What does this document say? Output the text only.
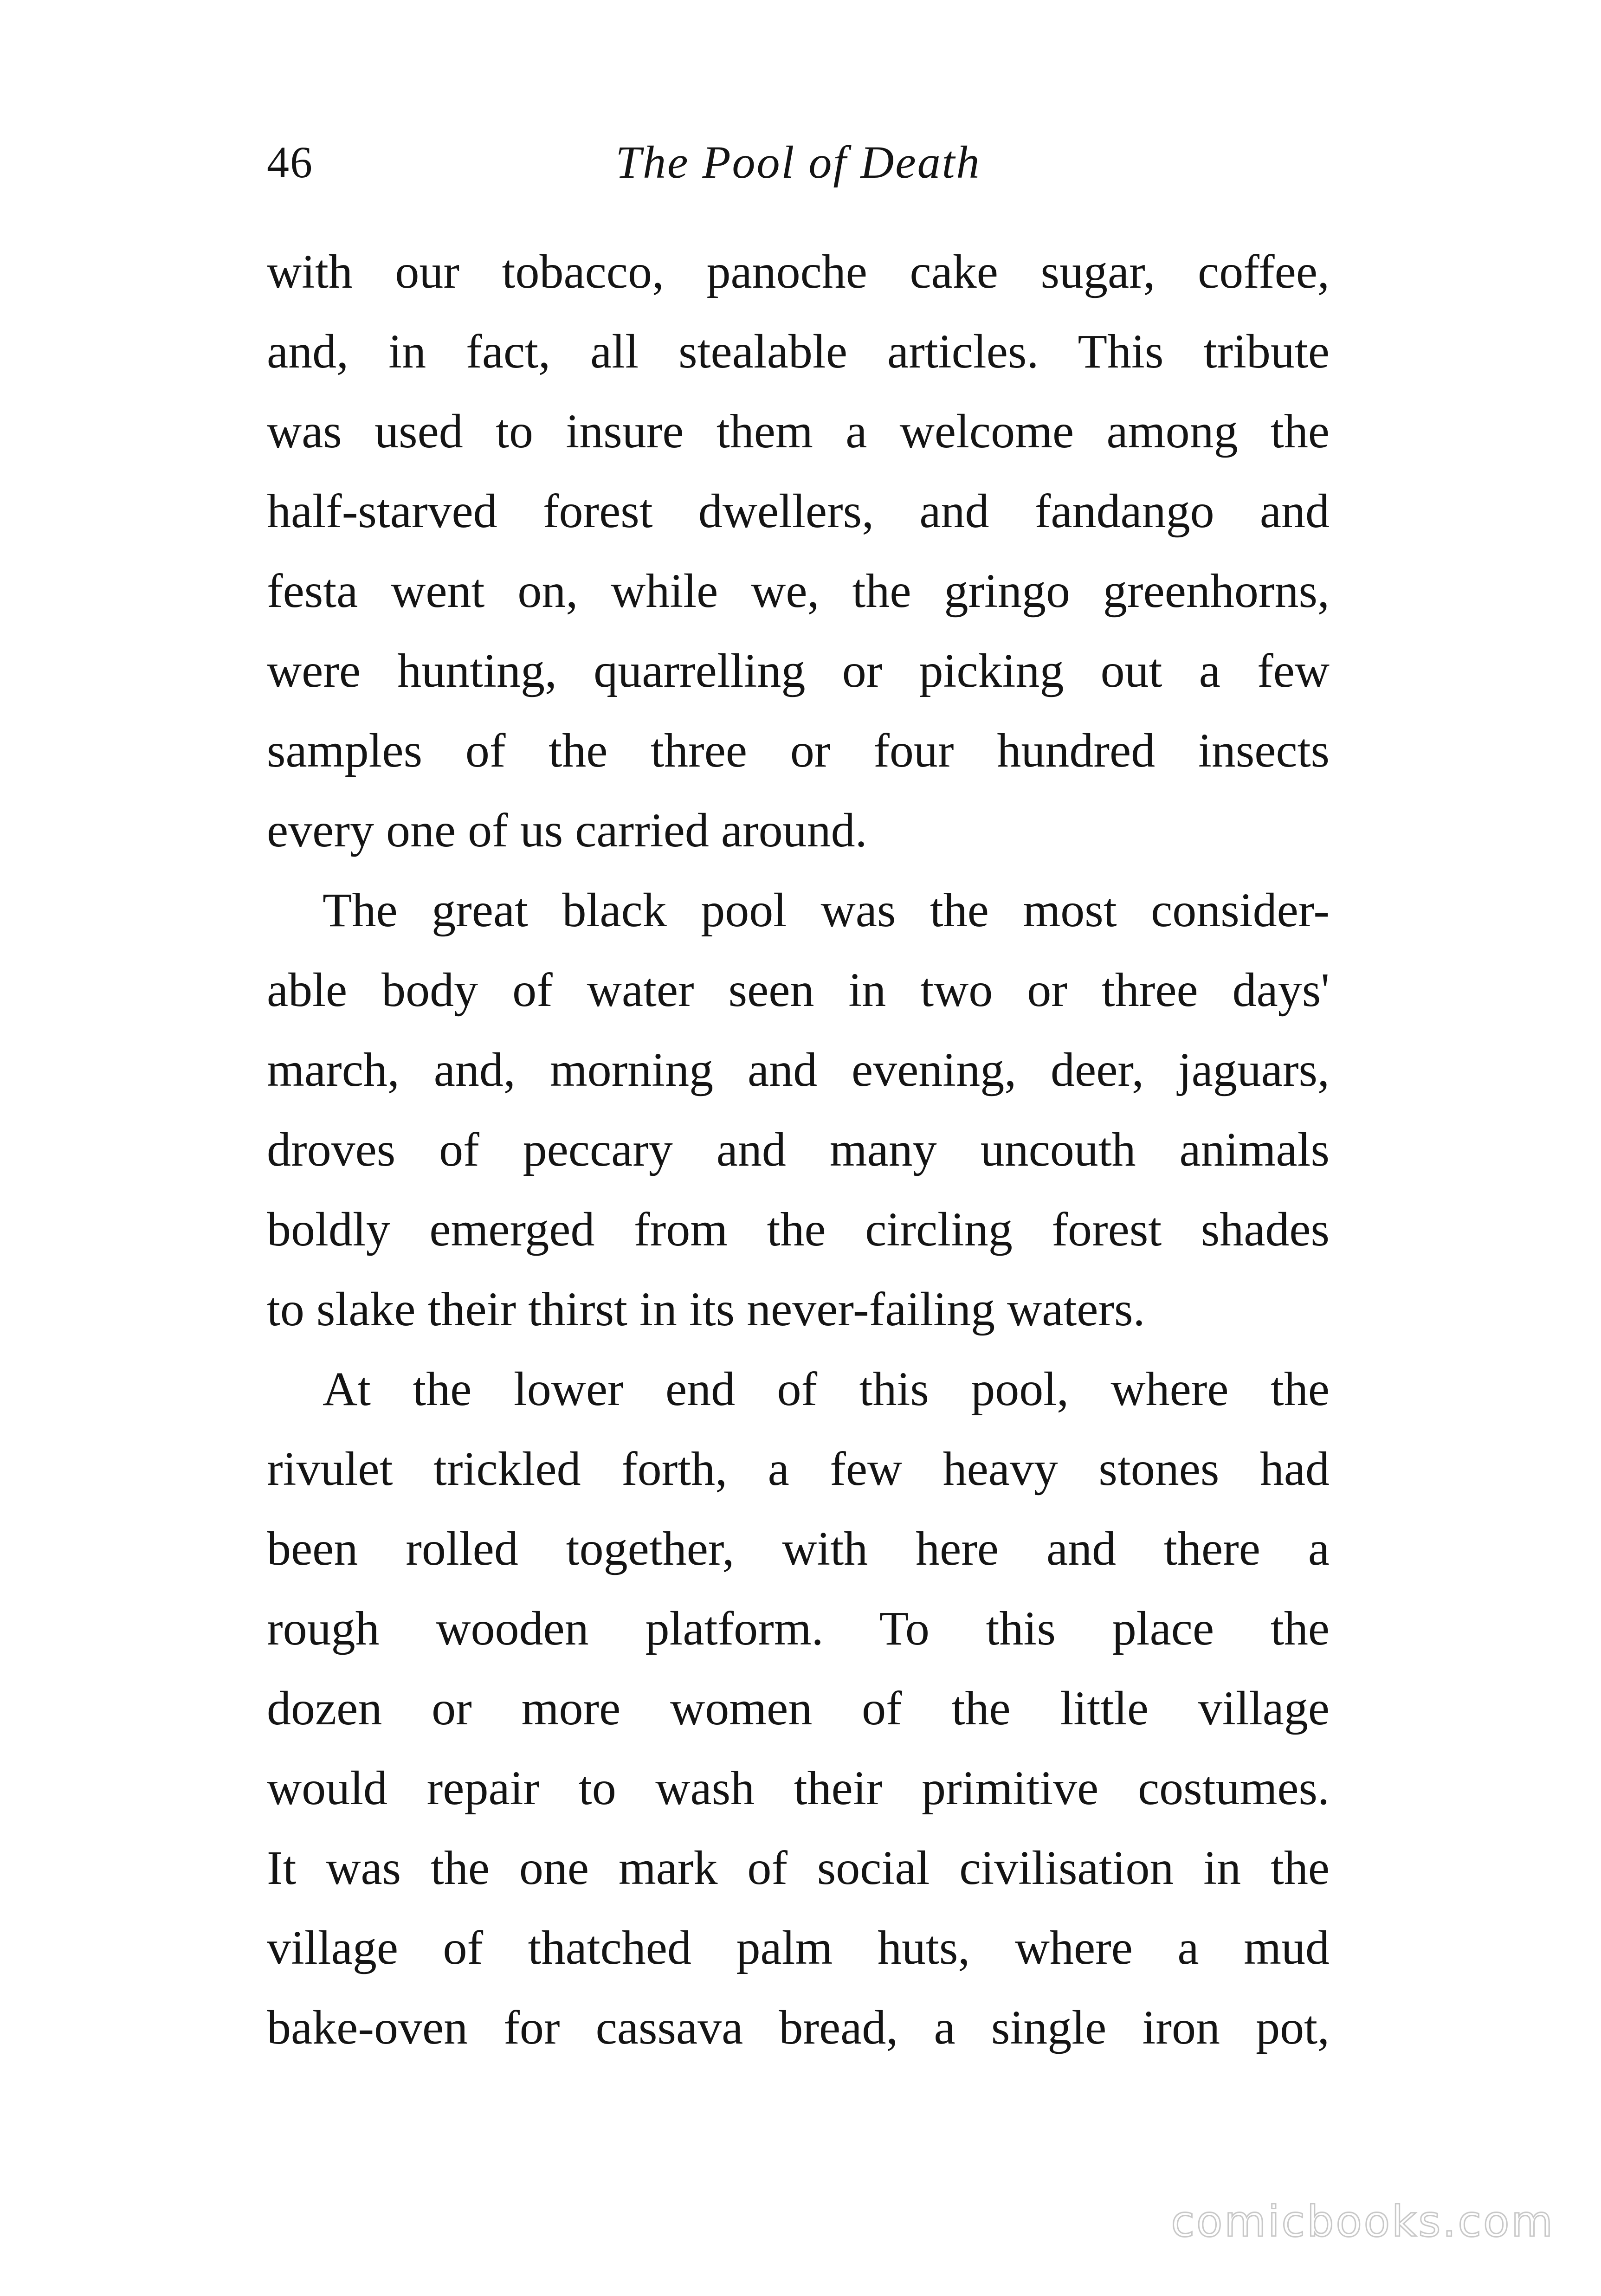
46	The Pool of Death
with our tobacco, panoche cake sugar, coffee,
and, in fact, all stealable articles. This tribute
was used to insure them a welcome among the
half-starved forest dwellers, and fandango and
festa went on, while we, the gringo greenhorns,
were hunting, quarrelling or picking out a few
samples of the three or four hundred insects
every one of us carried around.
The great black pool was the most consider-
able body of water seen in two or three days'
march, and, morning and evening, deer, jaguars,
droves of peccary and many uncouth animals
boldly emerged from the circling forest shades
to slake their thirst in its never-failing waters.
At the lower end of this pool, where the
rivulet trickled forth, a few heavy stones had
been rolled together, with here and there a
rough wooden platform. To this place the
dozen or more women of the little village
would repair to wash their primitive costumes.
It was the one mark of social civilisation in the
village of thatched palm huts, where a mud
bake-oven for cassava bread, a single iron pot,
comicbooks.com
